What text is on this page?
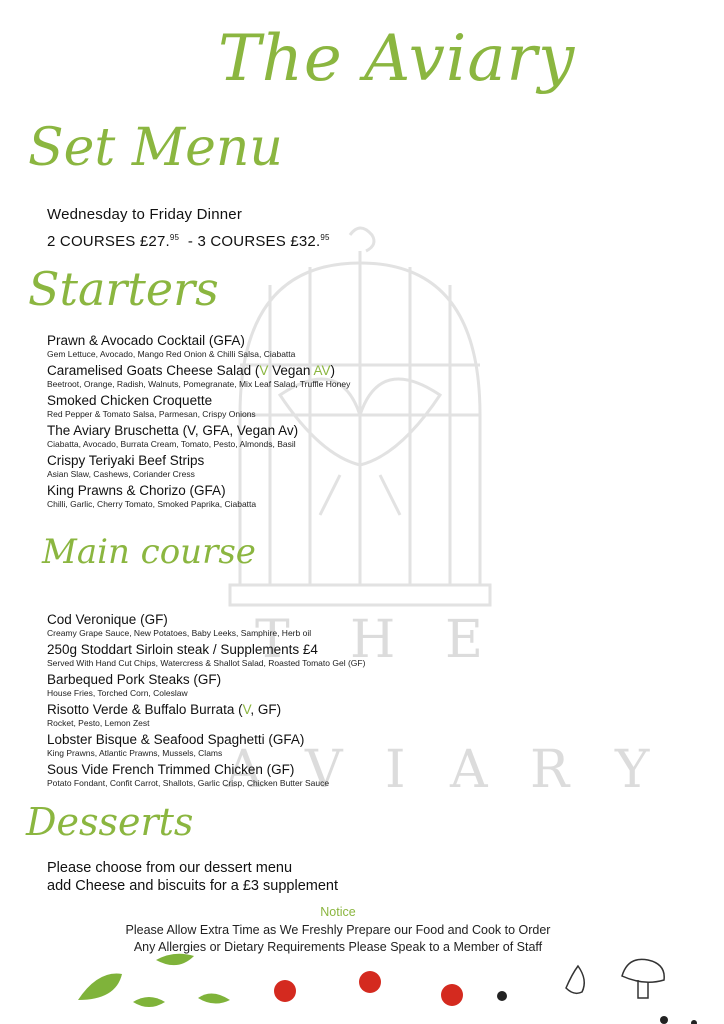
T H E
A V I A R Y
The Aviary
Set Menu
Wednesday to Friday Dinner
2 COURSES £27.95  - 3 COURSES £32.95
Starters
Prawn & Avocado Cocktail (GFA)
Gem Lettuce, Avocado, Mango Red Onion & Chilli Salsa, Ciabatta
Caramelised Goats Cheese Salad (V Vegan AV)
Beetroot, Orange, Radish, Walnuts, Pomegranate, Mix Leaf Salad, Truffle Honey
Smoked Chicken Croquette
Red Pepper & Tomato Salsa, Parmesan, Crispy Onions
The Aviary Bruschetta (V, GFA, Vegan Av)
Ciabatta, Avocado, Burrata Cream, Tomato, Pesto, Almonds, Basil
Crispy Teriyaki Beef Strips
Asian Slaw, Cashews, Coriander Cress
King Prawns & Chorizo (GFA)
Chilli, Garlic, Cherry Tomato, Smoked Paprika, Ciabatta
Main course
Cod Veronique (GF)
Creamy Grape Sauce, New Potatoes, Baby Leeks, Samphire, Herb oil
250g Stoddart Sirloin steak / Supplements £4
Served With Hand Cut Chips, Watercress & Shallot Salad, Roasted Tomato Gel (GF)
Barbequed Pork Steaks (GF)
House Fries, Torched Corn, Coleslaw
Risotto Verde & Buffalo Burrata (V, GF)
Rocket, Pesto, Lemon Zest
Lobster Bisque & Seafood Spaghetti (GFA)
King Prawns, Atlantic Prawns, Mussels, Clams
Sous Vide French Trimmed Chicken (GF)
Potato Fondant, Confit Carrot, Shallots, Garlic Crisp, Chicken Butter Sauce
Desserts
Please choose from our dessert menu
add Cheese and biscuits for a £3 supplement
Notice
Please Allow Extra Time as We Freshly Prepare our Food and Cook to Order
Any Allergies or Dietary Requirements Please Speak to a Member of Staff
